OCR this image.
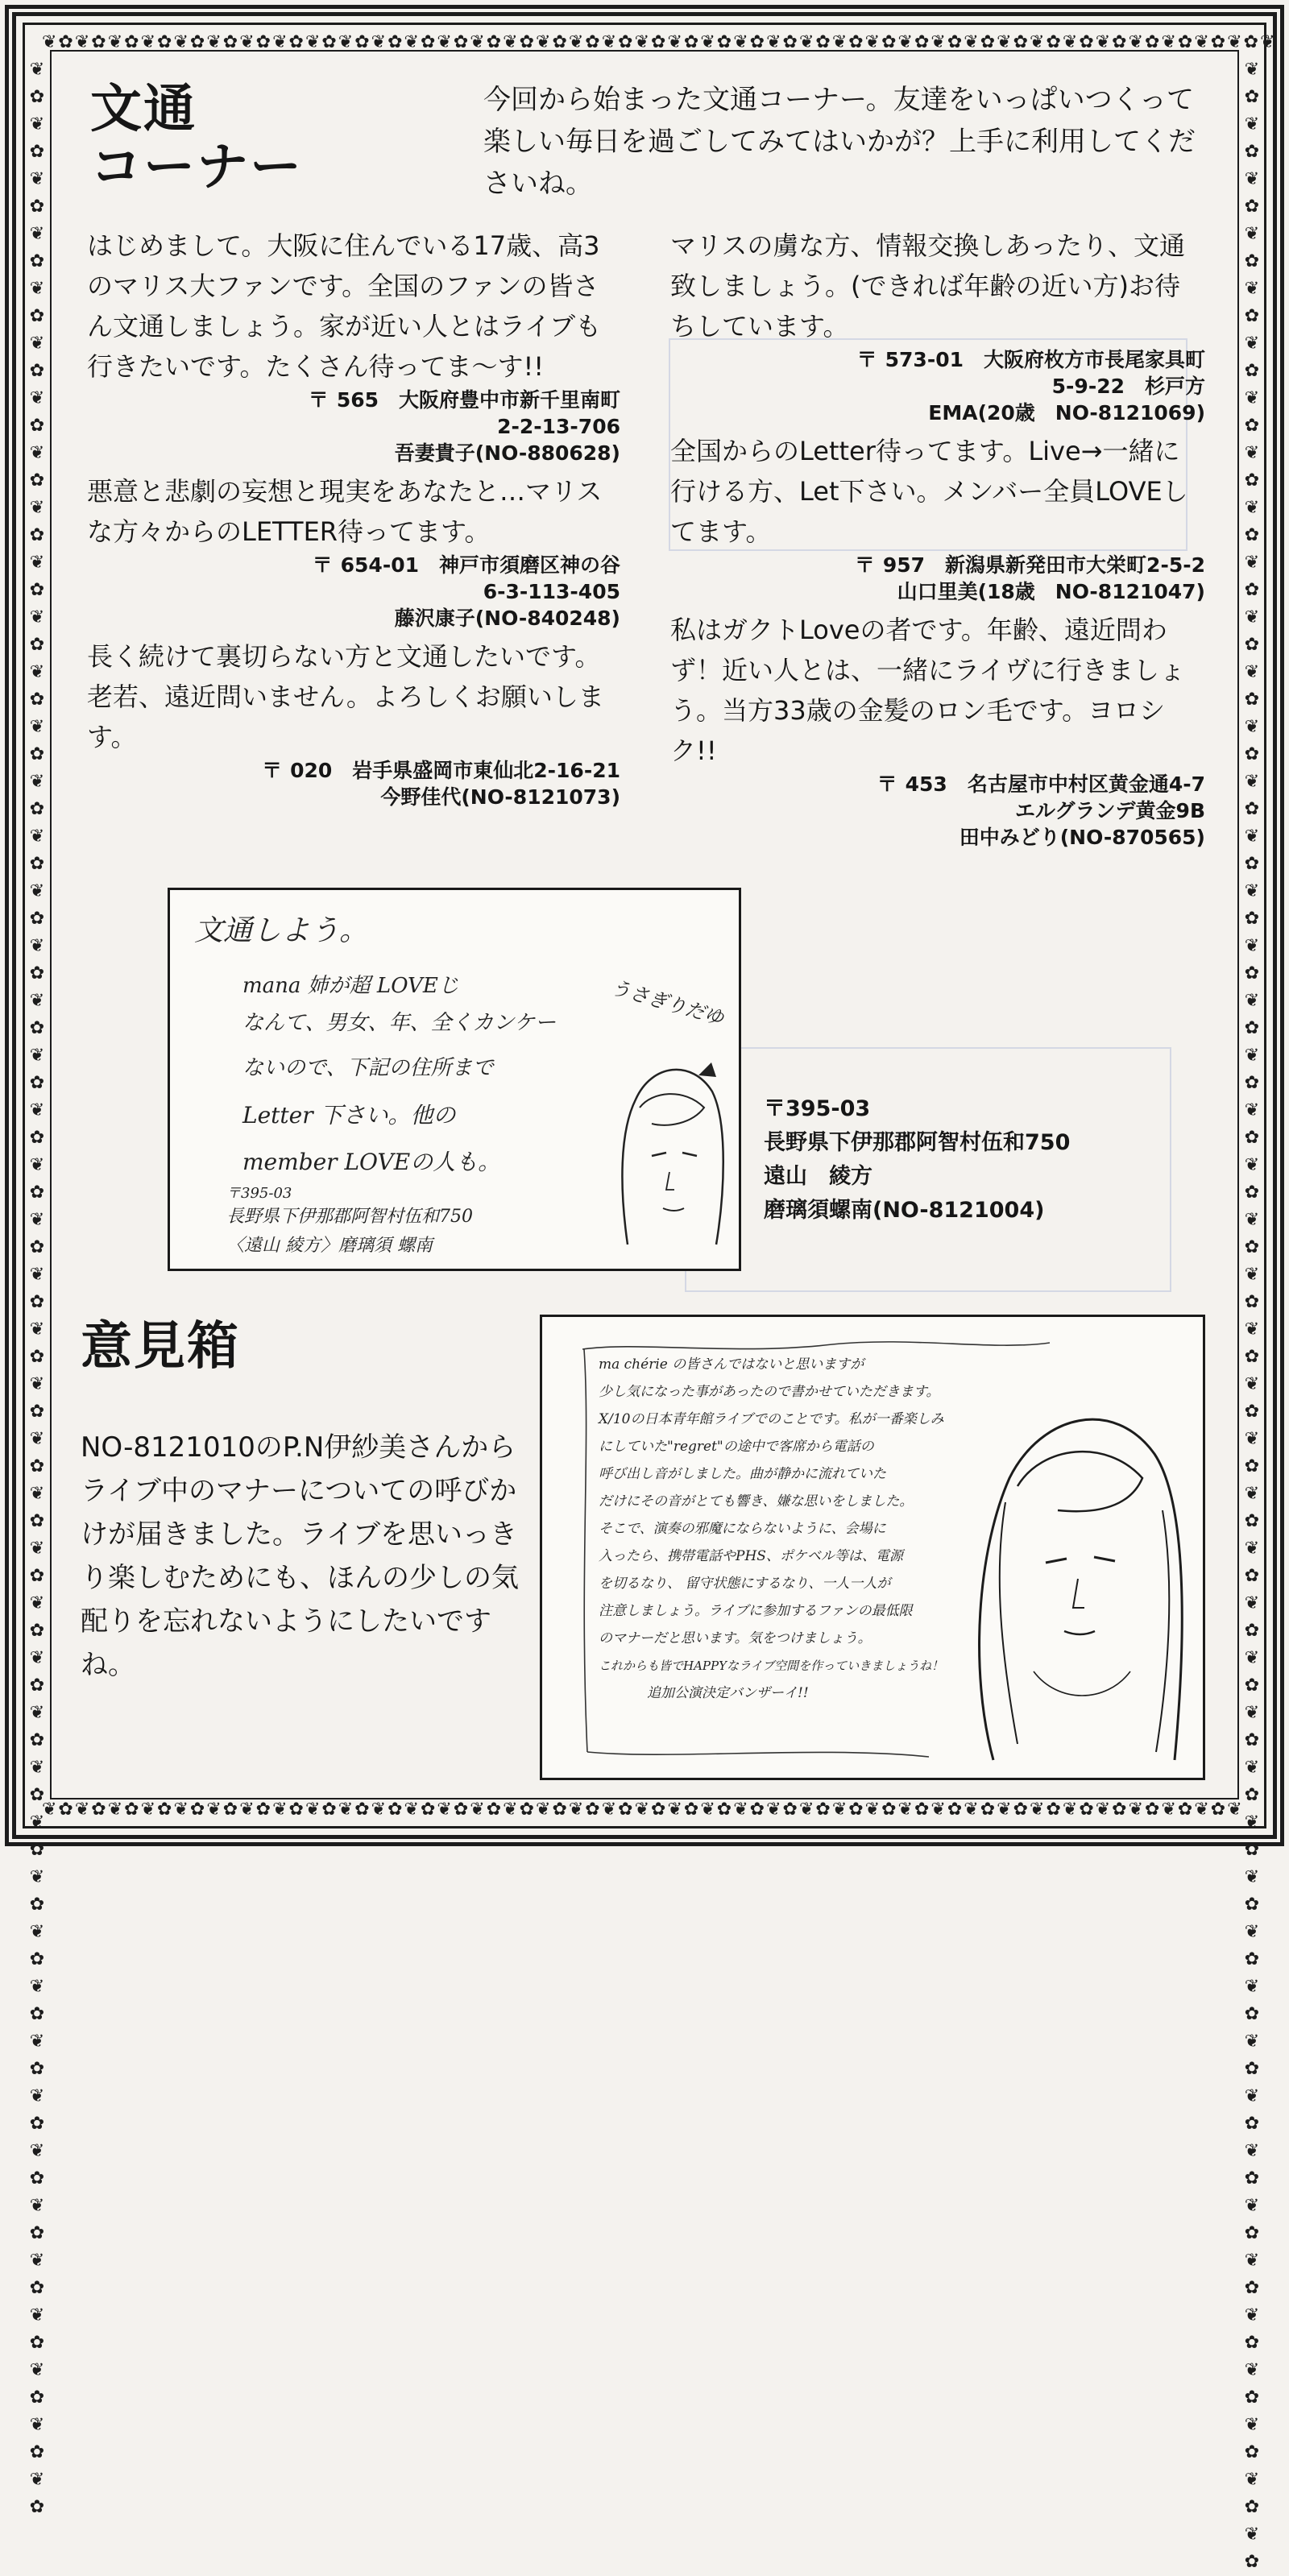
❦✿❦✿❦✿❦✿❦✿❦✿❦✿❦✿❦✿❦✿❦✿❦✿❦✿❦✿❦✿❦✿❦✿❦✿❦✿❦✿❦✿❦✿❦✿❦✿❦✿❦✿❦✿❦✿❦✿❦✿❦✿❦✿❦✿❦✿❦✿❦✿❦✿❦
❦✿❦✿❦✿❦✿❦✿❦✿❦✿❦✿❦✿❦✿❦✿❦✿❦✿❦✿❦✿❦✿❦✿❦✿❦✿❦✿❦✿❦✿❦✿❦✿❦✿❦✿❦✿❦✿❦✿❦✿❦✿❦✿❦✿❦✿❦✿❦✿❦
❦✿❦✿❦✿❦✿❦✿❦✿❦✿❦✿❦✿❦✿❦✿❦✿❦✿❦✿❦✿❦✿❦✿❦✿❦✿❦✿❦✿❦✿❦✿❦✿❦✿❦✿❦✿❦✿❦✿❦✿❦✿❦✿❦✿❦✿❦✿❦✿❦✿❦✿❦✿❦✿❦✿❦✿❦✿❦✿❦✿
❦✿❦✿❦✿❦✿❦✿❦✿❦✿❦✿❦✿❦✿❦✿❦✿❦✿❦✿❦✿❦✿❦✿❦✿❦✿❦✿❦✿❦✿❦✿❦✿❦✿❦✿❦✿❦✿❦✿❦✿❦✿❦✿❦✿❦✿❦✿❦✿❦✿❦✿❦✿❦✿❦✿❦✿❦✿❦✿❦✿❦✿
文通
コーナー

今回から始まった文通コーナー。友達をいっぱいつくって楽しい毎日を過ごしてみてはいかが？上手に利用してくださいね。

はじめまして。大阪に住んでいる17歳、高3のマリス大ファンです。全国のファンの皆さん文通しましょう。家が近い人とはライブも行きたいです。たくさん待ってま〜す!!

〒 565　大阪府豊中市新千里南町
2-2-13-706
吾妻貴子(NO-880628)

悪意と悲劇の妄想と現実をあなたと…マリスな方々からのLETTER待ってます。

〒 654-01　神戸市須磨区神の谷
6-3-113-405
藤沢康子(NO-840248)

長く続けて裏切らない方と文通したいです。老若、遠近問いません。よろしくお願いします。

〒 020　岩手県盛岡市東仙北2-16-21
今野佳代(NO-8121073)

マリスの虜な方、情報交換しあったり、文通致しましょう。(できれば年齢の近い方)お待ちしています。

〒 573-01　大阪府枚方市長尾家具町
5-9-22　杉戸方
EMA(20歳　NO-8121069)

全国からのLetter待ってます。Live→一緒に行ける方、Let下さい。メンバー全員LOVEしてます。

〒 957　新潟県新発田市大栄町2-5-2
山口里美(18歳　NO-8121047)

私はガクトLoveの者です。年齢、遠近問わず！近い人とは、一緒にライヴに行きましょう。当方33歳の金髪のロン毛です。ヨロシク!!

〒 453　名古屋市中村区黄金通4-7
エルグランデ黄金9B
田中みどり(NO-870565)

文通しよう。
mana 姉が超 LOVEじ
なんて、男女、年、全くカンケー
ないので、下記の住所まで
Letter 下さい。他の
member LOVEの人も。
〒395-03
長野県下伊那郡阿智村伍和750
〈遠山 綾方〉磨璃須 螺南
うさぎりだゆ
〒395-03
長野県下伊那郡阿智村伍和750
遠山　綾方
磨璃須螺南(NO-8121004)
意見箱

NO-8121010のP.N伊紗美さんからライブ中のマナーについての呼びかけが届きました。ライブを思いっきり楽しむためにも、ほんの少しの気配りを忘れないようにしたいですね。

ma chérie の皆さんではないと思いますが
少し気になった事があったので書かせていただきます。
X/10の日本青年館ライブでのことです。私が一番楽しみ
にしていた"regret"の途中で客席から電話の
呼び出し音がしました。曲が静かに流れていた
だけにその音がとても響き、嫌な思いをしました。
そこで、演奏の邪魔にならないように、会場に
入ったら、携帯電話やPHS、ポケベル等は、電源
を切るなり、 留守状態にするなり、一人一人が
注意しましょう。ライブに参加するファンの最低限
のマナーだと思います。気をつけましょう。
これからも皆でHAPPYなライブ空間を作っていきましょうね！
追加公演決定バンザーイ!!
